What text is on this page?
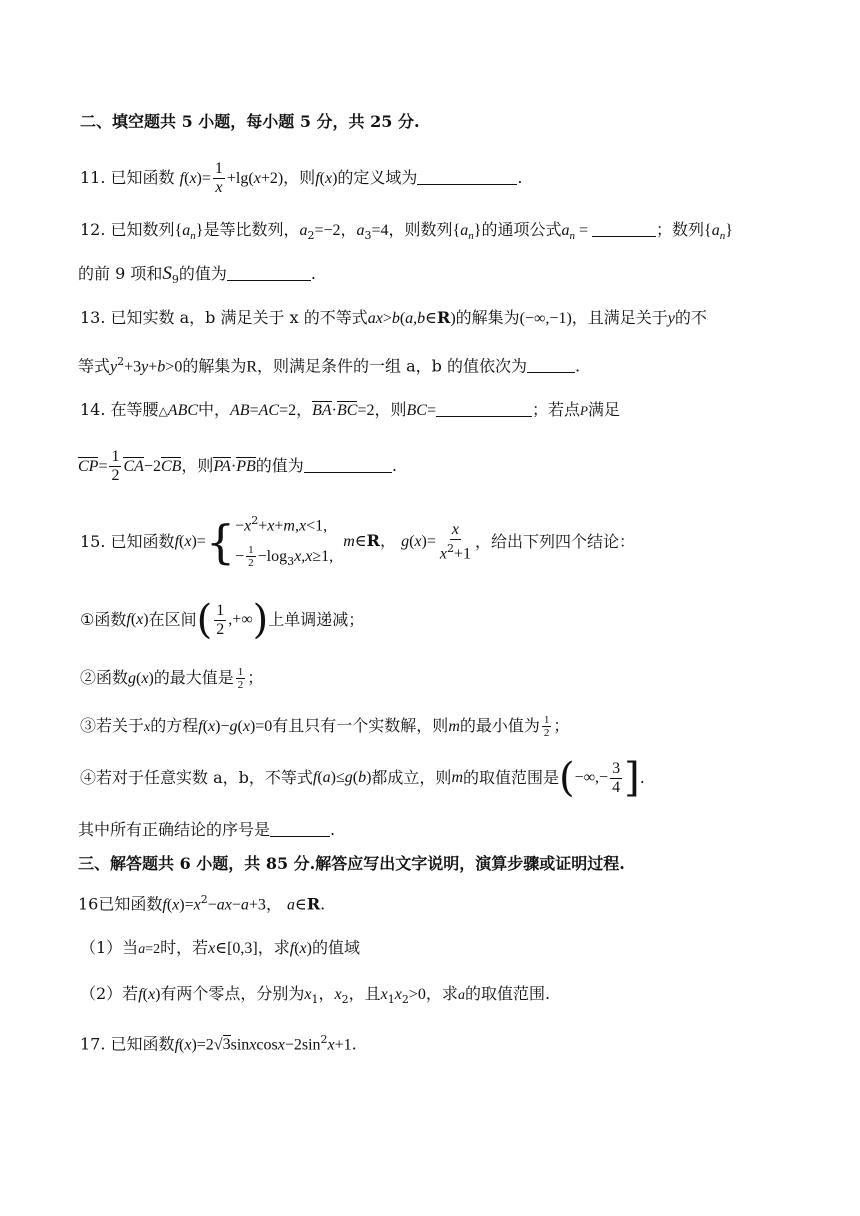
二、填空题共 5 小题，每小题 5 分，共 25 分.
11. 已知函数 $f(x)= \frac{1}{x} +\lg(x+2)$，则f(x)的定义域为	.
12. 已知数列$\{a_n\}$是等比数列，$a_2=-2$，$a_3=4$，则数列$\{a_n\}$的通项公式$a_n$ =	；数列$\{a_n\}$
的前 9 项和$S_9$的值为	.
13. 已知实数 a，b 满足关于 x 的不等式ax>b(a,b∈R)的解集为(−∞,−1)，且满足关于y的不
等式$y^2+3y+b>0$的解集为R，则满足条件的一组 a，b 的值依次为	.
14. 在等腰△ABC中，AB=AC=2，BA·BC=2，则BC=	；若点P满足
$CP= \frac{1}{2} CA-2CB$，则PA·PB的值为	.
15. 已知函数$f(x)=\{ -x^2+x+m,x<1$,
− $\frac{1}{2} -\log_3x,x\ge 1$,
m∈R， $g(x)= \frac{x}{x^2+1}$ ，给出下列四个结论：
①函数f(x)在区间( $\frac{1}{2}$ ,+∞)上单调递减；
②函数g(x)的最大值是 $\frac{1}{2}$ ；
③若关于x的方程f(x)−g(x)=0有且只有一个实数解，则m的最小值为 $\frac{1}{2}$ ；
④若对于任意实数 a，b，不等式f(a)≤g(b)都成立，则m的取值范围是(−∞,− $\frac{3}{4}$ ].
其中所有正确结论的序号是	.
三、解答题共 6 小题，共 85 分.解答应写出文字说明，演算步骤或证明过程.
16已知函数$f(x)=x^2-ax-a+3$， a∈R.
（1）当a=2时，若x∈[0,3]，求f(x)的值域
（2）若f(x)有两个零点，分别为$x_1$，$x_2$，且$x_1x_2>0$，求a的取值范围.
17. 已知函数$f(x)=2√3sinxcosx-2\sin^2x+1$.
